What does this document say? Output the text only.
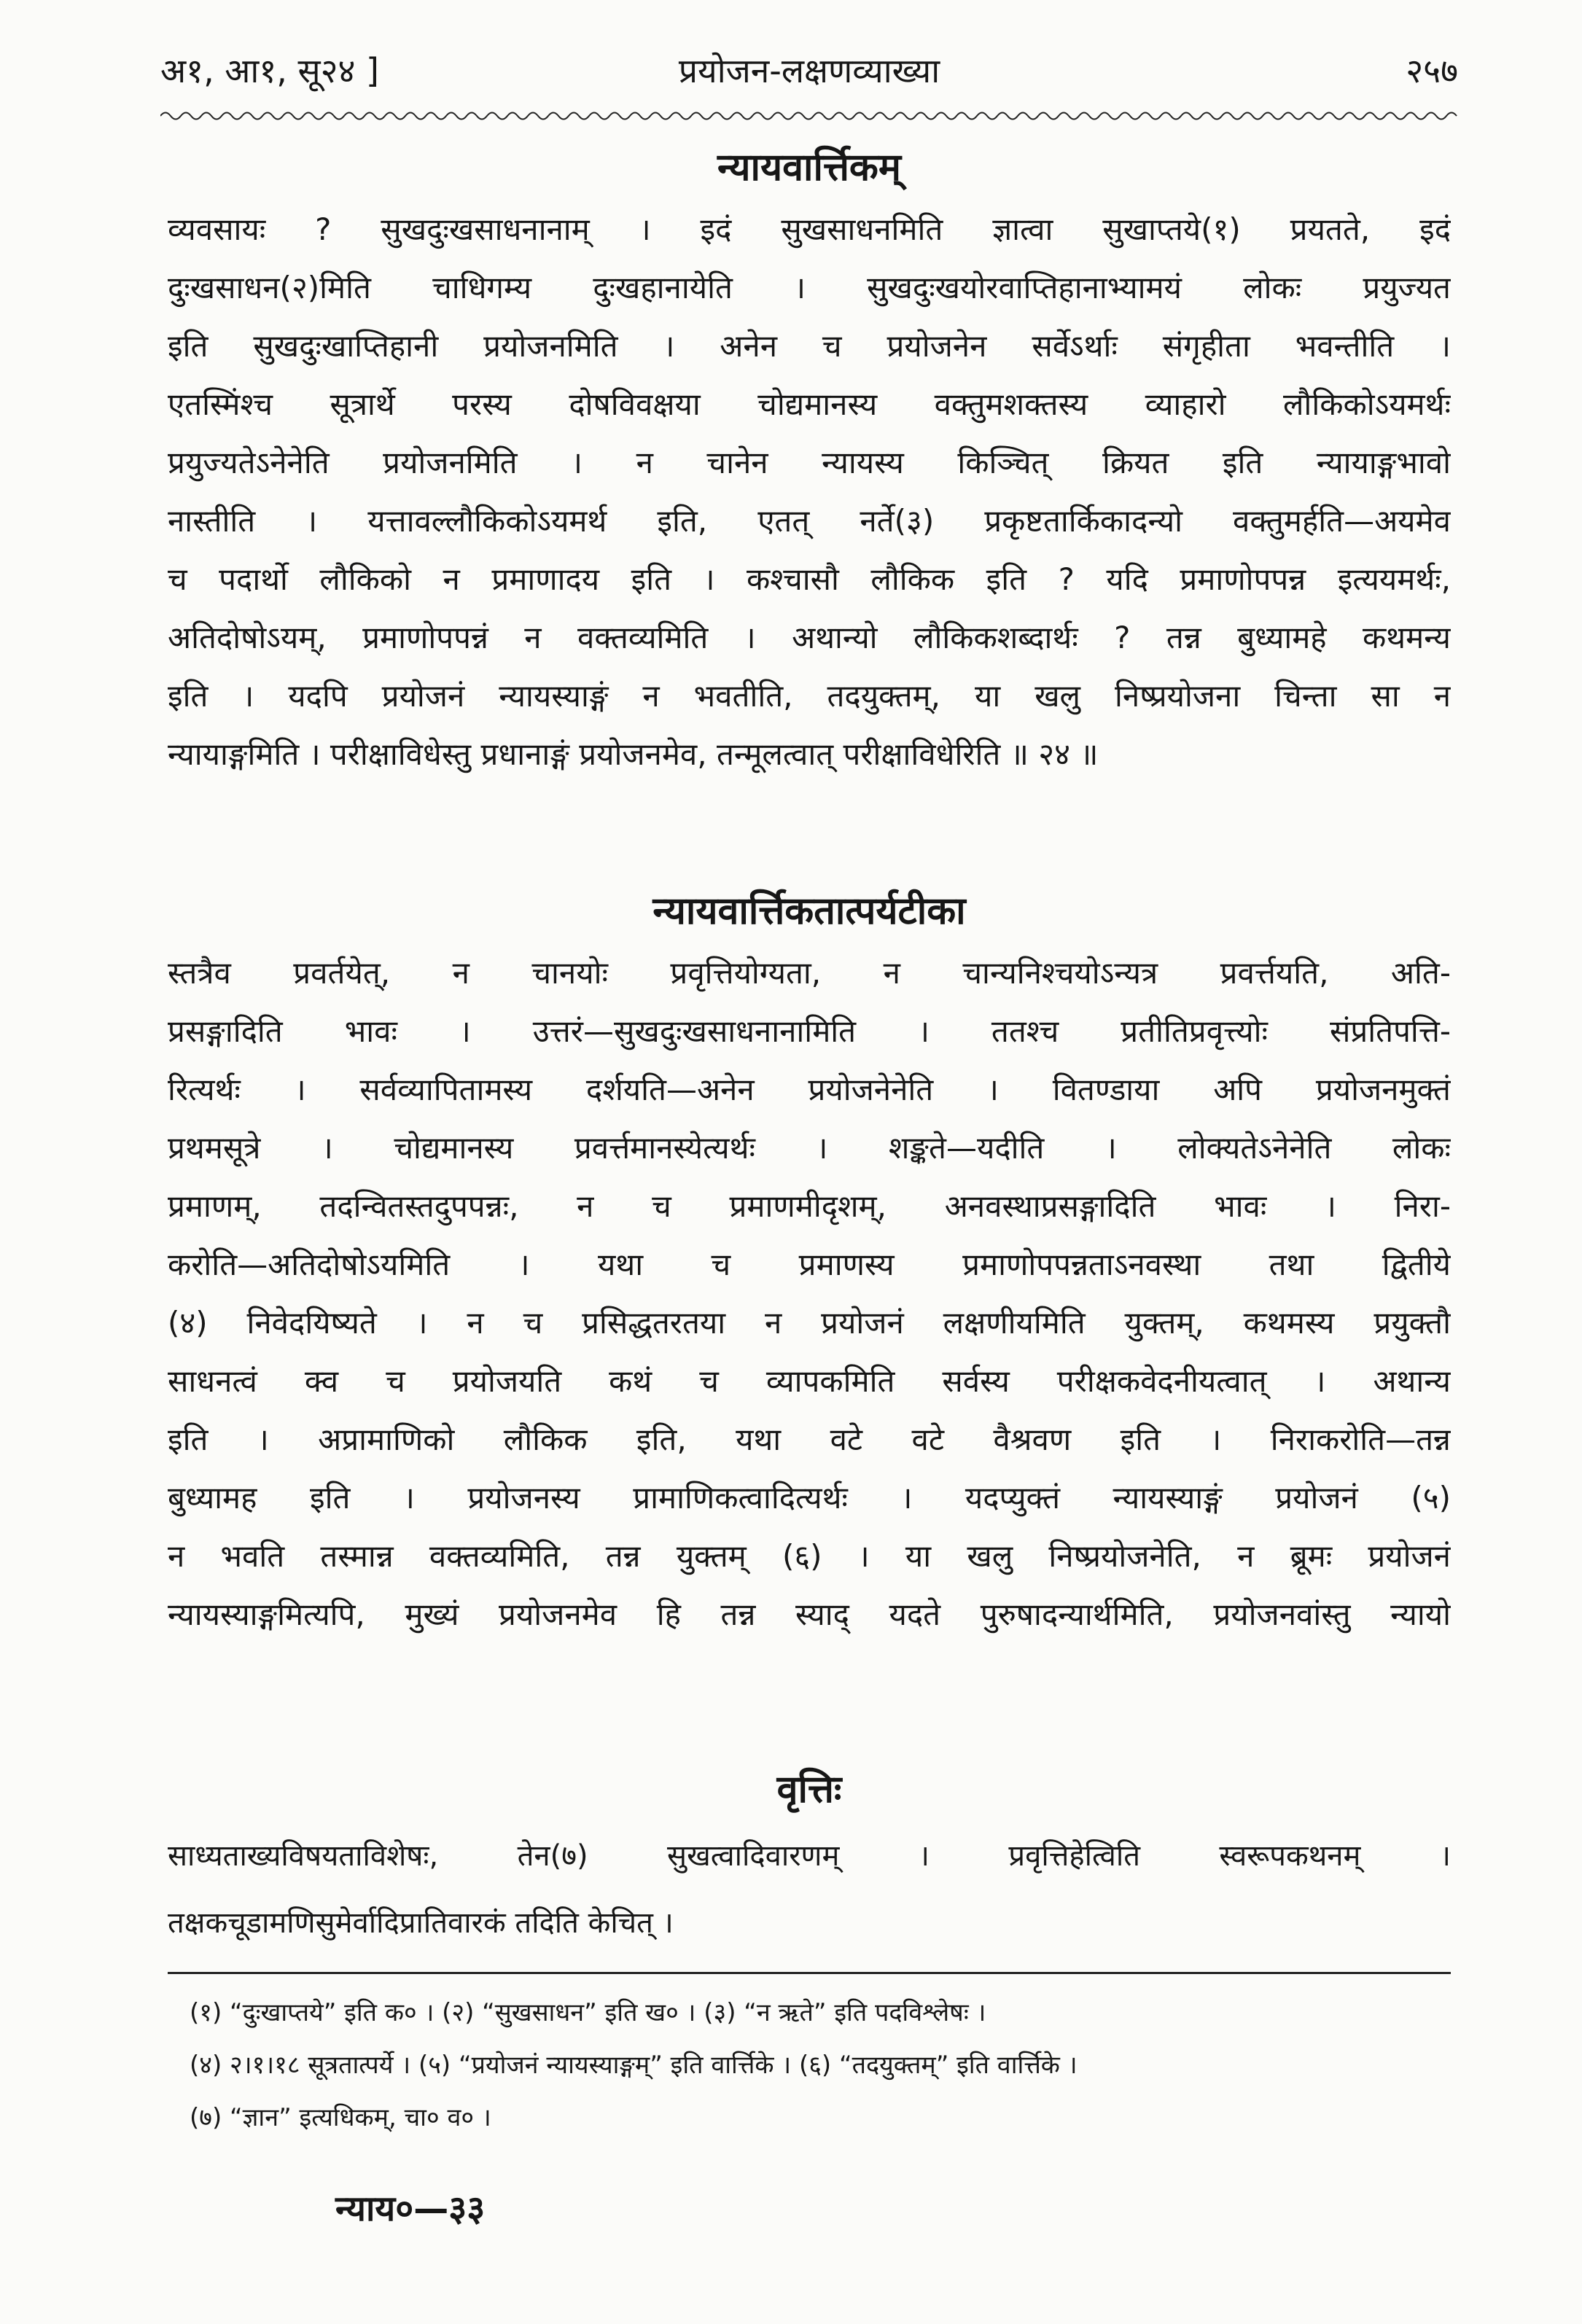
अ१, आ१, सू२४ ]	प्रयोजन-लक्षणव्याख्या	२५७
न्यायवार्त्तिकम्
व्यवसायः ? सुखदुःखसाधनानाम् । इदं सुखसाधनमिति ज्ञात्वा सुखाप्तये(१) प्रयतते, इदं
दुःखसाधन(२)मिति चाधिगम्य दुःखहानायेति । सुखदुःखयोरवाप्तिहानाभ्यामयं लोकः प्रयुज्यत
इति सुखदुःखाप्तिहानी प्रयोजनमिति । अनेन च प्रयोजनेन सर्वेऽर्थाः संगृहीता भवन्तीति ।
एतस्मिंश्च सूत्रार्थे परस्य दोषविवक्षया चोद्यमानस्य वक्तुमशक्तस्य व्याहारो लौकिकोऽयमर्थः
प्रयुज्यतेऽनेनेति प्रयोजनमिति । न चानेन न्यायस्य किञ्चित् क्रियत इति न्यायाङ्गभावो
नास्तीति । यत्तावल्लौकिकोऽयमर्थ इति, एतत् नर्ते(३) प्रकृष्टतार्किकादन्यो वक्तुमर्हति—अयमेव
च पदार्थो लौकिको न प्रमाणादय इति । कश्चासौ लौकिक इति ? यदि प्रमाणोपपन्न इत्ययमर्थः,
अतिदोषोऽयम्, प्रमाणोपपन्नं न वक्तव्यमिति । अथान्यो लौकिकशब्दार्थः ? तन्न बुध्यामहे कथमन्य
इति । यदपि प्रयोजनं न्यायस्याङ्गं न भवतीति, तदयुक्तम्, या खलु निष्प्रयोजना चिन्ता सा न
न्यायाङ्गमिति । परीक्षाविधेस्तु प्रधानाङ्गं प्रयोजनमेव, तन्मूलत्वात् परीक्षाविधेरिति ॥ २४ ॥
न्यायवार्त्तिकतात्पर्यटीका
स्तत्रैव प्रवर्तयेत्, न चानयोः प्रवृत्तियोग्यता, न चान्यनिश्चयोऽन्यत्र प्रवर्त्तयति, अति-
प्रसङ्गादिति भावः । उत्तरं—सुखदुःखसाधनानामिति । ततश्च प्रतीतिप्रवृत्त्योः संप्रतिपत्ति-
रित्यर्थः । सर्वव्यापितामस्य दर्शयति—अनेन प्रयोजनेनेति । वितण्डाया अपि प्रयोजनमुक्तं
प्रथमसूत्रे । चोद्यमानस्य प्रवर्त्तमानस्येत्यर्थः । शङ्कते—यदीति । लोक्यतेऽनेनेति लोकः
प्रमाणम्, तदन्वितस्तदुपपन्नः, न च प्रमाणमीदृशम्, अनवस्थाप्रसङ्गादिति भावः । निरा-
करोति—अतिदोषोऽयमिति । यथा च प्रमाणस्य प्रमाणोपपन्नताऽनवस्था तथा द्वितीये
(४) निवेदयिष्यते । न च प्रसिद्धतरतया न प्रयोजनं लक्षणीयमिति युक्तम्, कथमस्य प्रयुक्तौ
साधनत्वं क्व च प्रयोजयति कथं च व्यापकमिति सर्वस्य परीक्षकवेदनीयत्वात् । अथान्य
इति । अप्रामाणिको लौकिक इति, यथा वटे वटे वैश्रवण इति । निराकरोति—तन्न
बुध्यामह इति । प्रयोजनस्य प्रामाणिकत्वादित्यर्थः । यदप्युक्तं न्यायस्याङ्गं प्रयोजनं (५)
न भवति तस्मान्न वक्तव्यमिति, तन्न युक्तम् (६) । या खलु निष्प्रयोजनेति, न ब्रूमः प्रयोजनं
न्यायस्याङ्गमित्यपि, मुख्यं प्रयोजनमेव हि तन्न स्याद् यदते पुरुषादन्यार्थमिति, प्रयोजनवांस्तु न्यायो
वृत्तिः
साध्यताख्यविषयताविशेषः, तेन(७) सुखत्वादिवारणम् । प्रवृत्तिहेत्विति स्वरूपकथनम् ।
तक्षकचूडामणिसुमेर्वादिप्रातिवारकं तदिति केचित् ।
(१) “दुःखाप्तये” इति क० । (२) “सुखसाधन” इति ख० । (३) “न ऋते” इति पदविश्लेषः ।
(४) २।१।१८ सूत्रतात्पर्ये । (५) “प्रयोजनं न्यायस्याङ्गम्” इति वार्त्तिके । (६) “तदयुक्तम्” इति वार्त्तिके ।
(७) “ज्ञान” इत्यधिकम्, चा० व० ।
न्याय०—३३
